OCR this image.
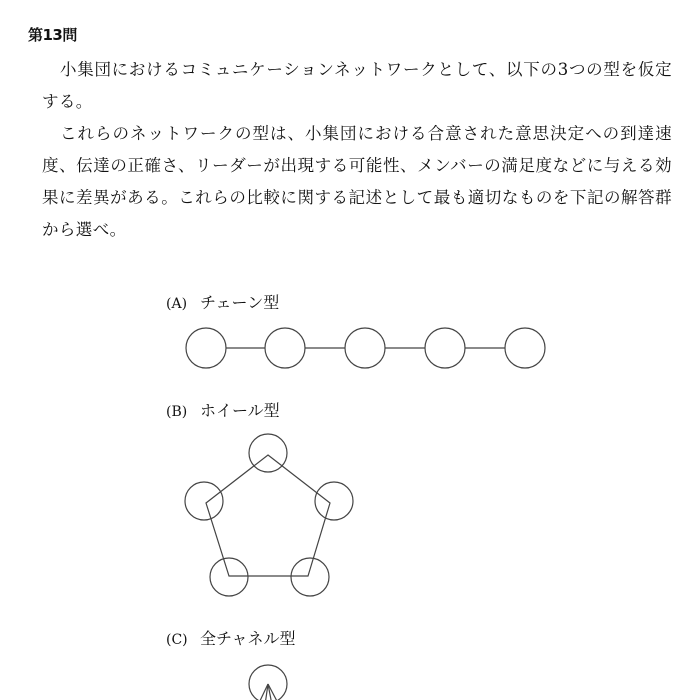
第13問

小集団におけるコミュニケーションネットワークとして、以下の3つの型を仮定する。

これらのネットワークの型は、小集団における合意された意思決定への到達速度、伝達の正確さ、リーダーが出現する可能性、メンバーの満足度などに与える効果に差異がある。これらの比較に関する記述として最も適切なものを下記の解答群から選べ。

(A) チェーン型
(B) ホイール型
(C) 全チャネル型
